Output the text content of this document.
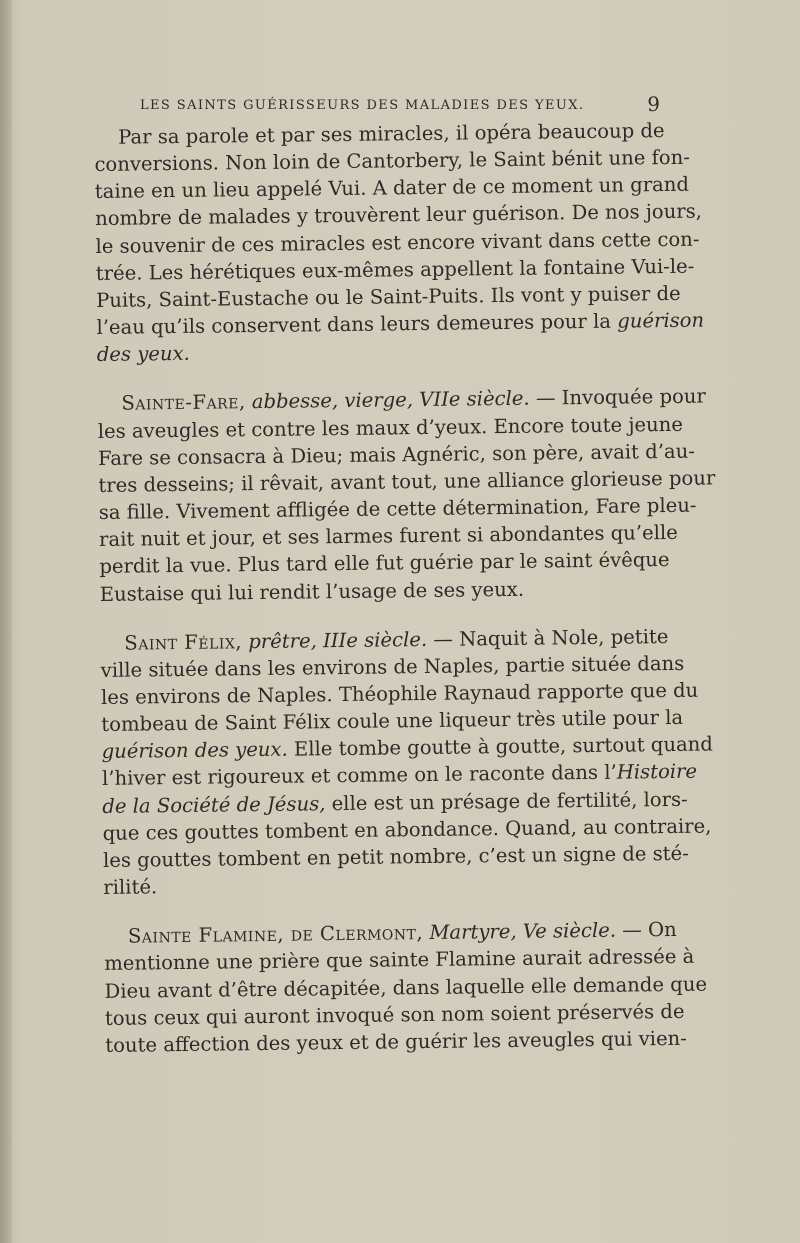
LES SAINTS GUÉRISSEURS DES MALADIES DES YEUX.	9
Par sa parole et par ses miracles, il opéra beaucoup de
conversions. Non loin de Cantorbery, le Saint bénit une fon-
taine en un lieu appelé Vui. A dater de ce moment un grand
nombre de malades y trouvèrent leur guérison. De nos jours,
le souvenir de ces miracles est encore vivant dans cette con-
trée. Les hérétiques eux-mêmes appellent la fontaine Vui-le-
Puits, Saint-Eustache ou le Saint-Puits. Ils vont y puiser de
l’eau qu’ils conservent dans leurs demeures pour la guérison
des yeux.
Sainte-Fare, abbesse, vierge, VIIe siècle. — Invoquée pour
les aveugles et contre les maux d’yeux. Encore toute jeune
Fare se consacra à Dieu; mais Agnéric, son père, avait d’au-
tres desseins; il rêvait, avant tout, une alliance glorieuse pour
sa fille. Vivement affligée de cette détermination, Fare pleu-
rait nuit et jour, et ses larmes furent si abondantes qu’elle
perdit la vue. Plus tard elle fut guérie par le saint évêque
Eustaise qui lui rendit l’usage de ses yeux.
Saint Félix, prêtre, IIIe siècle. — Naquit à Nole, petite
ville située dans les environs de Naples, partie située dans
les environs de Naples. Théophile Raynaud rapporte que du
tombeau de Saint Félix coule une liqueur très utile pour la
guérison des yeux. Elle tombe goutte à goutte, surtout quand
l’hiver est rigoureux et comme on le raconte dans l’Histoire
de la Société de Jésus, elle est un présage de fertilité, lors-
que ces gouttes tombent en abondance. Quand, au contraire,
les gouttes tombent en petit nombre, c’est un signe de sté-
rilité.
Sainte Flamine, de Clermont, Martyre, Ve siècle. — On
mentionne une prière que sainte Flamine aurait adressée à
Dieu avant d’être décapitée, dans laquelle elle demande que
tous ceux qui auront invoqué son nom soient préservés de
toute affection des yeux et de guérir les aveugles qui vien-
